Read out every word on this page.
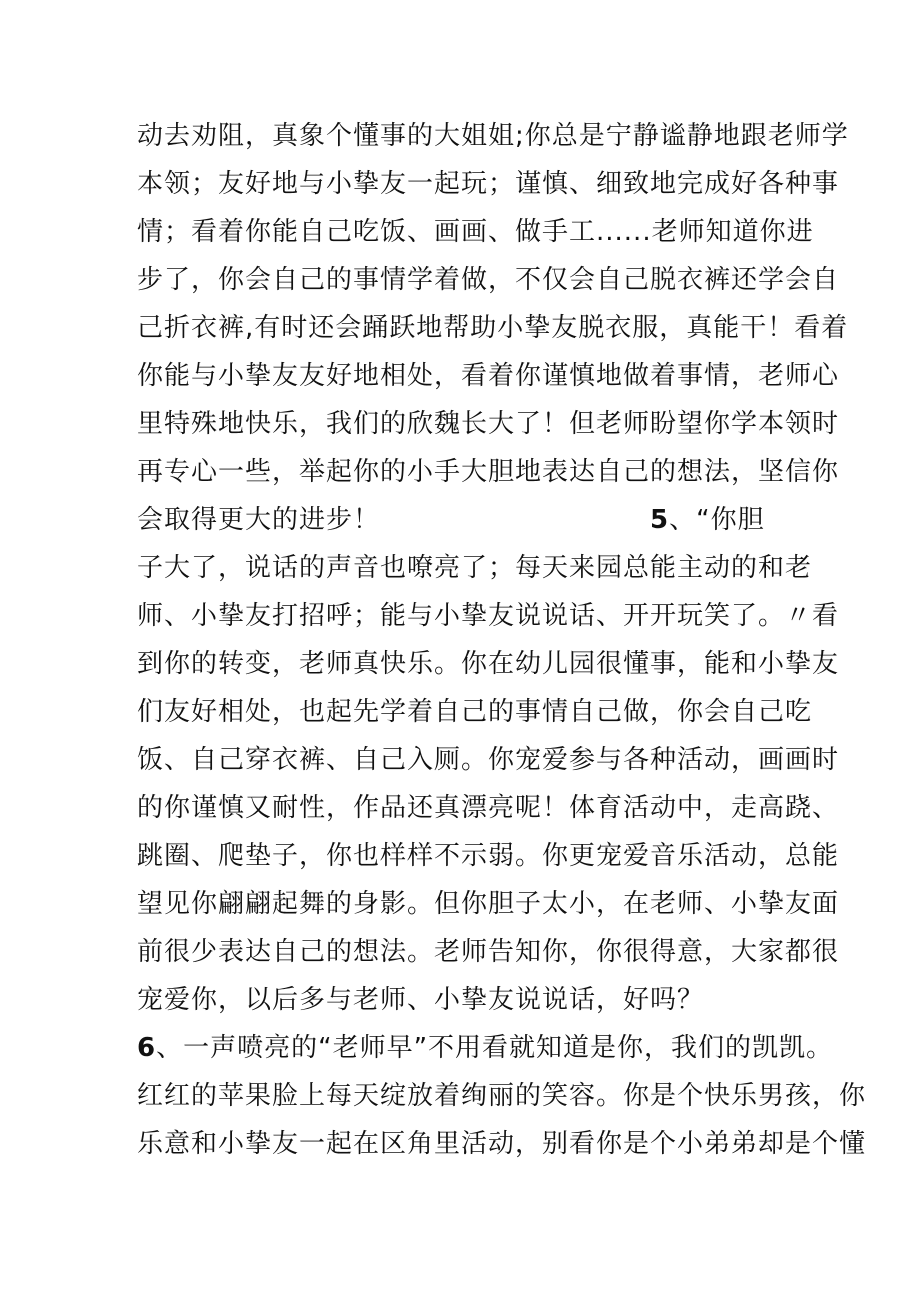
动去劝阻，真象个懂事的大姐姐;你总是宁静谧静地跟老师学
本领；友好地与小挚友一起玩；谨慎、细致地完成好各种事
情；看着你能自己吃饭、画画、做手工......老师知道你进
步了，你会自己的事情学着做，不仅会自己脱衣裤还学会自
己折衣裤,有时还会踊跃地帮助小挚友脱衣服，真能干！看着
你能与小挚友友好地相处，看着你谨慎地做着事情，老师心
里特殊地快乐，我们的欣魏长大了！但老师盼望你学本领时
再专心一些，举起你的小手大胆地表达自己的想法，坚信你
会取得更大的进步！	5、“你胆
子大了，说话的声音也嘹亮了；每天来园总能主动的和老
师、小挚友打招呼；能与小挚友说说话、开开玩笑了。〃看
到你的转变，老师真快乐。你在幼儿园很懂事，能和小挚友
们友好相处，也起先学着自己的事情自己做，你会自己吃
饭、自己穿衣裤、自己入厕。你宠爱参与各种活动，画画时
的你谨慎又耐性，作品还真漂亮呢！体育活动中，走高跷、
跳圈、爬垫子，你也样样不示弱。你更宠爱音乐活动，总能
望见你翩翩起舞的身影。但你胆子太小，在老师、小挚友面
前很少表达自己的想法。老师告知你，你很得意，大家都很
宠爱你，以后多与老师、小挚友说说话，好吗？
6、一声喷亮的“老师早”不用看就知道是你，我们的凯凯。
红红的苹果脸上每天绽放着绚丽的笑容。你是个快乐男孩，你
乐意和小挚友一起在区角里活动，别看你是个小弟弟却是个懂
